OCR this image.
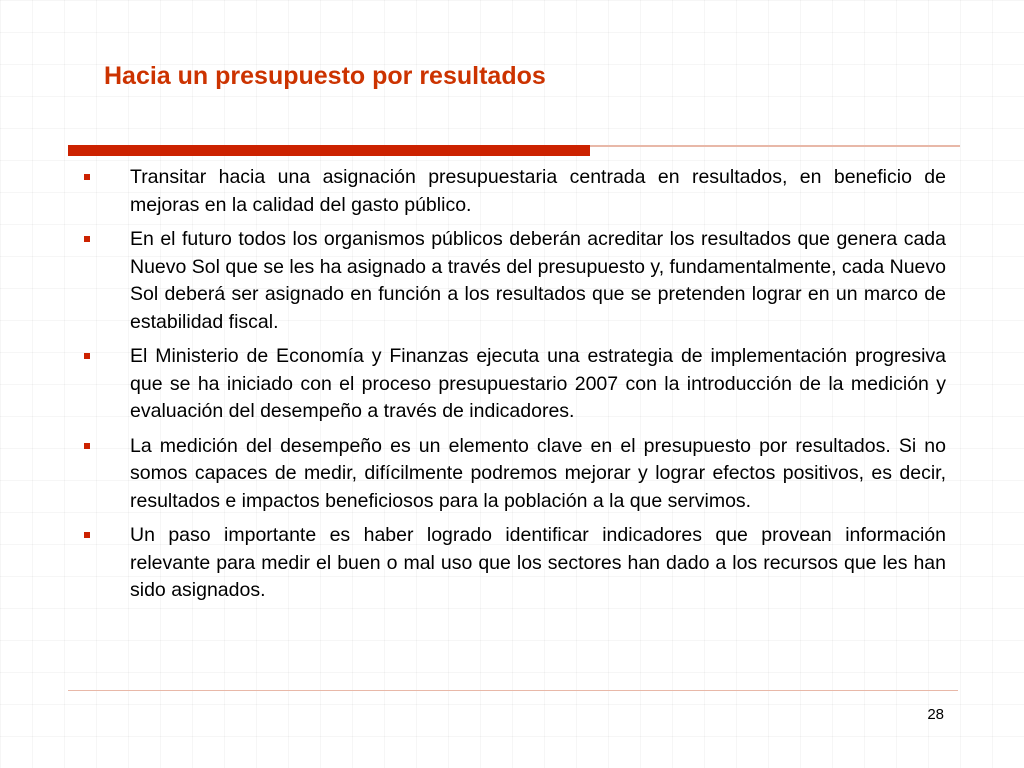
Hacia un presupuesto por resultados
Transitar hacia una asignación presupuestaria centrada en resultados, en beneficio de mejoras en la calidad del gasto público.
En el futuro todos los organismos públicos deberán acreditar los resultados que genera cada Nuevo Sol que se les ha asignado a través del presupuesto y, fundamentalmente, cada Nuevo Sol deberá ser asignado en función a los resultados que se pretenden lograr en un marco de estabilidad fiscal.
El Ministerio de Economía y Finanzas ejecuta una estrategia de implementación progresiva que se ha iniciado con el proceso presupuestario 2007 con la introducción de la medición y evaluación del desempeño a través de indicadores.
La medición del desempeño es un elemento clave en el presupuesto por resultados. Si no somos capaces de medir, difícilmente podremos mejorar y lograr efectos positivos, es decir, resultados e impactos beneficiosos para la población a la que servimos.
Un paso importante es haber logrado identificar indicadores que provean información relevante para medir el buen o mal uso que los sectores han dado a los recursos que les han sido asignados.
28
